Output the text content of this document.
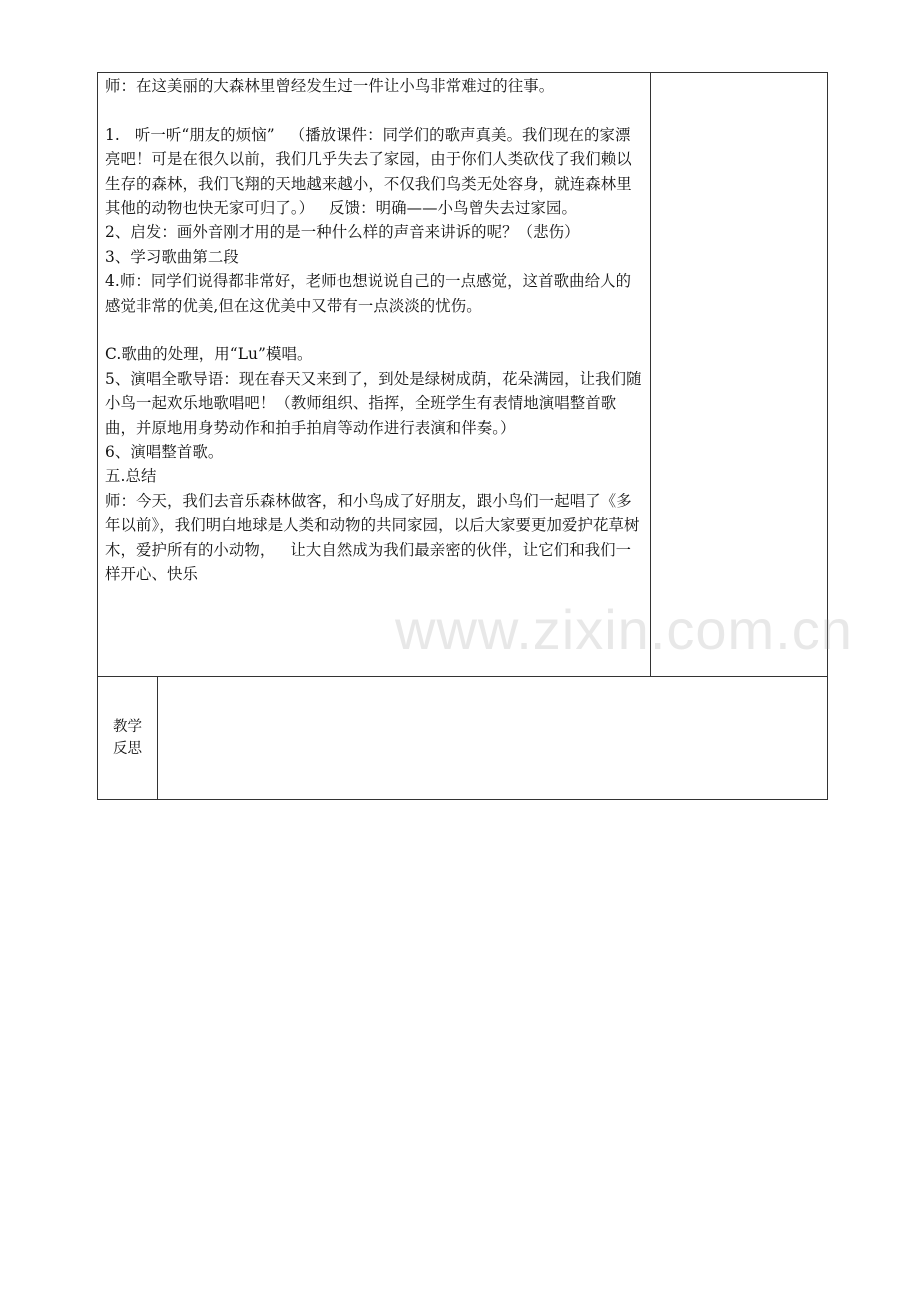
师：在这美丽的大森林里曾经发生过一件让小鸟非常难过的往事。

1.   听一听“朋友的烦恼”   （播放课件：同学们的歌声真美。我们现在的家漂亮吧！可是在很久以前，我们几乎失去了家园，由于你们人类砍伐了我们赖以生存的森林，我们飞翔的天地越来越小，不仅我们鸟类无处容身，就连森林里其他的动物也快无家可归了。）   反馈：明确——小鸟曾失去过家园。

2、启发：画外音刚才用的是一种什么样的声音来讲诉的呢？（悲伤）

3、学习歌曲第二段

4.师：同学们说得都非常好，老师也想说说自己的一点感觉，这首歌曲给人的感觉非常的优美,但在这优美中又带有一点淡淡的忧伤。

C.歌曲的处理，用“Lu”模唱。

5、演唱全歌导语：现在春天又来到了，到处是绿树成荫，花朵满园，让我们随小鸟一起欢乐地歌唱吧！（教师组织、指挥，全班学生有表情地演唱整首歌曲，并原地用身势动作和拍手拍肩等动作进行表演和伴奏。）

6、演唱整首歌。

五.总结

师：今天，我们去音乐森林做客，和小鸟成了好朋友，跟小鸟们一起唱了《多年以前》，我们明白地球是人类和动物的共同家园，以后大家要更加爱护花草树木，爱护所有的小动物，   让大自然成为我们最亲密的伙伴，让它们和我们一样开心、快乐

教学反思
www.zixin.com.cn
